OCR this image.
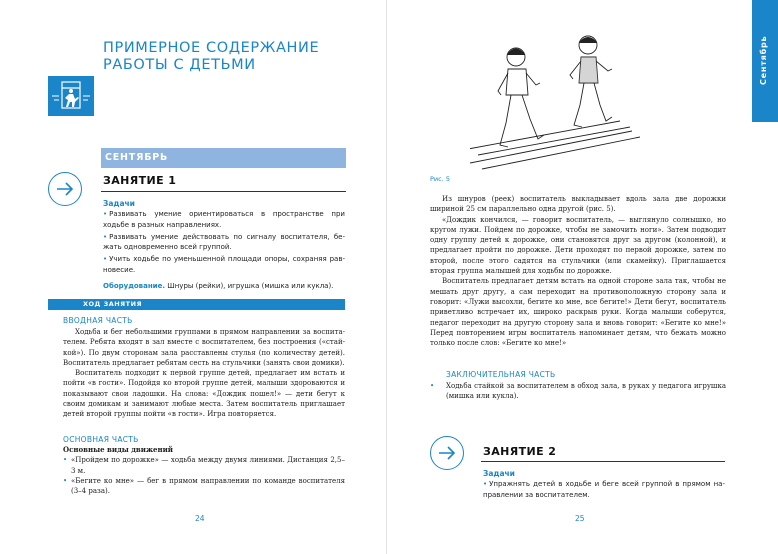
ПРИМЕРНОЕ СОДЕРЖАНИЕ
РАБОТЫ С ДЕТЬМИ
СЕНТЯБРЬ
ЗАНЯТИЕ 1
Задачи
• Развивать умение ориентироваться в пространстве при ходьбе в разных направлениях.
• Развивать умение действовать по сигналу воспитателя, бежать одновременно всей группой.
• Учить ходьбе по уменьшенной площади опоры, сохраняя равновесие.
Оборудование. Шнуры (рейки), игрушка (мишка или кукла).
ХОД ЗАНЯТИЯ
ВВОДНАЯ ЧАСТЬ

Ходьба и бег небольшими группами в прямом направлении за воспитателем. Ребята входят в зал вместе с воспитателем, без построения («стайкой»). По двум сторонам зала расставлены стулья (по количеству детей). Воспитатель предлагает ребятам сесть на стульчики (занять свои домики).

Воспитатель подходит к первой группе детей, предлагает им встать и пойти «в гости». Подойдя ко второй группе детей, малыши здороваются и показывают свои ладошки. На слова: «Дождик пошел!» — дети бегут к своим домикам и занимают любые места. Затем воспитатель приглашает детей второй группы пойти «в гости». Игра повторяется.

ОСНОВНАЯ ЧАСТЬ

Основные виды движений

• «Пройдем по дорожке» — ходьба между двумя линиями. Дистанция 2,5–3 м.
• «Бегите ко мне» — бег в прямом направлении по команде воспитателя (3–4 раза).
24
Сентябрь
Рис. 5

Из шнуров (реек) воспитатель выкладывает вдоль зала две дорожки шириной 25 см параллельно одна другой (рис. 5).

«Дождик кончился, — говорит воспитатель, — выглянуло солнышко, но кругом лужи. Пойдем по дорожке, чтобы не замочить ноги». Затем подводит одну группу детей к дорожке, они становятся друг за другом (колонной), и предлагает пройти по дорожке. Дети проходят по первой дорожке, затем по второй, после этого садятся на стульчики (или скамейку). Приглашается вторая группа малышей для ходьбы по дорожке.

Воспитатель предлагает детям встать на одной стороне зала так, чтобы не мешать друг другу, а сам переходит на противоположную сторону зала и говорит: «Лужи высохли, бегите ко мне, все бегите!» Дети бегут, воспитатель приветливо встречает их, широко раскрыв руки. Когда малыши соберутся, педагог переходит на другую сторону зала и вновь говорит: «Бегите ко мне!» Перед повторением игры воспитатель напоминает детям, что бежать можно только после слов: «Бегите ко мне!»

ЗАКЛЮЧИТЕЛЬНАЯ ЧАСТЬ
• Ходьба стайкой за воспитателем в обход зала, в руках у педагога игрушка (мишка или кукла).
ЗАНЯТИЕ 2
Задачи
• Упражнять детей в ходьбе и беге всей группой в прямом направлении за воспитателем.
25
